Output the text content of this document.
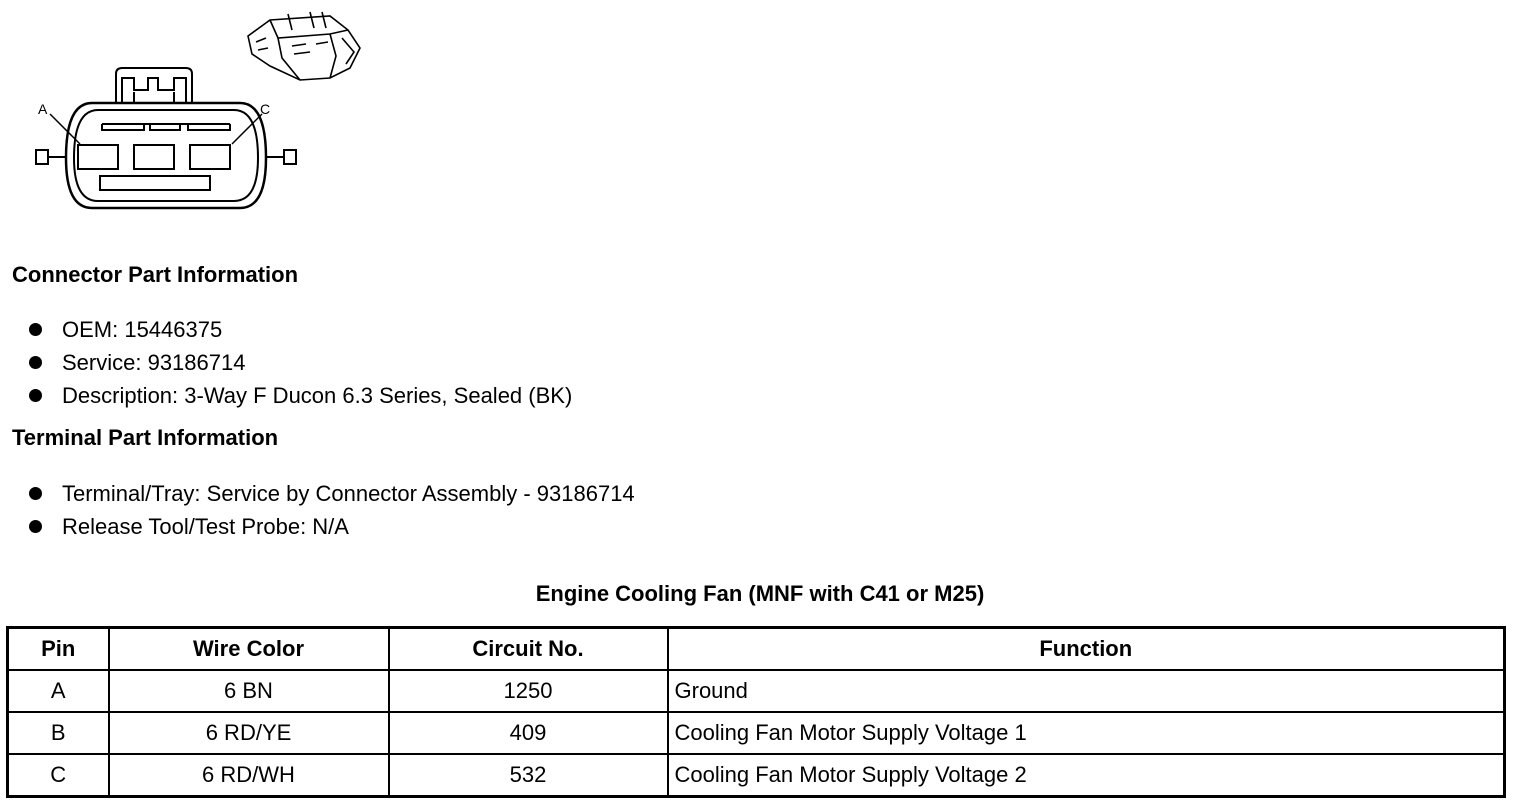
A	C
Connector Part Information
OEM: 15446375
Service: 93186714
Description: 3-Way F Ducon 6.3 Series, Sealed (BK)
Terminal Part Information
Terminal/Tray: Service by Connector Assembly - 93186714
Release Tool/Test Probe: N/A
Engine Cooling Fan (MNF with C41 or M25)
Pin	Wire Color	Circuit No.	Function
A	6 BN	1250	Ground
B	6 RD/YE	409	Cooling Fan Motor Supply Voltage 1
C	6 RD/WH	532	Cooling Fan Motor Supply Voltage 2
